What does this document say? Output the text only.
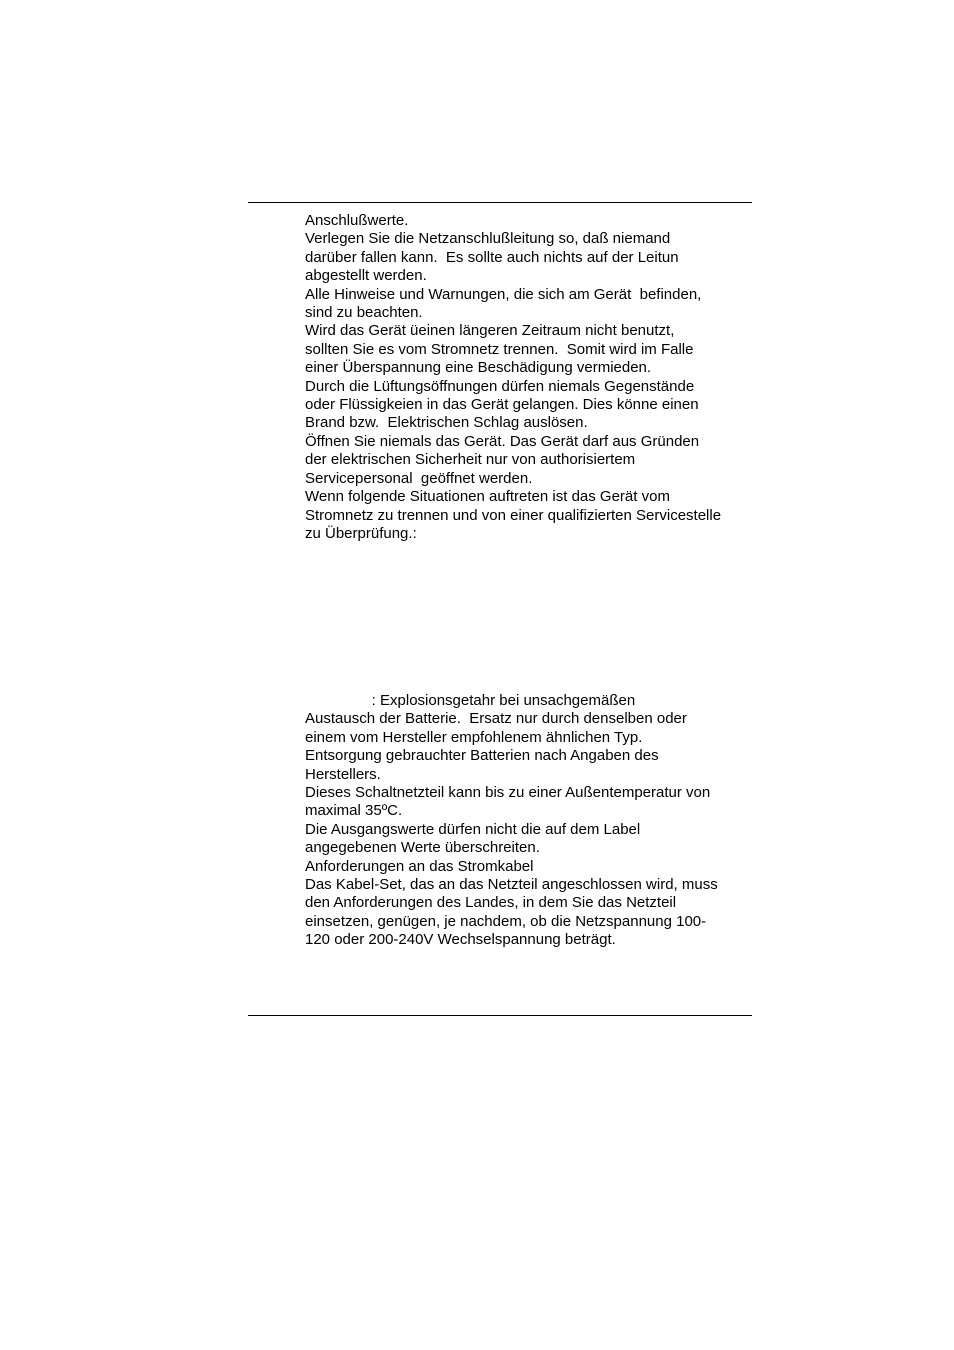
Anschlußwerte.
Verlegen Sie die Netzanschlußleitung so, daß niemand
darüber fallen kann.  Es sollte auch nichts auf der Leitun
abgestellt werden.
Alle Hinweise und Warnungen, die sich am Gerät  befinden,
sind zu beachten.
Wird das Gerät üeinen längeren Zeitraum nicht benutzt,
sollten Sie es vom Stromnetz trennen.  Somit wird im Falle
einer Überspannung eine Beschädigung vermieden.
Durch die Lüftungsöffnungen dürfen niemals Gegenstände
oder Flüssigkeien in das Gerät gelangen. Dies könne einen
Brand bzw.  Elektrischen Schlag auslösen.
Öffnen Sie niemals das Gerät. Das Gerät darf aus Gründen
der elektrischen Sicherheit nur von authorisiertem
Servicepersonal  geöffnet werden.
Wenn folgende Situationen auftreten ist das Gerät vom
Stromnetz zu trennen und von einer qualifizierten Servicestelle
zu Überprüfung.:
: Explosionsgetahr bei unsachgemäßen
Austausch der Batterie.  Ersatz nur durch denselben oder
einem vom Hersteller empfohlenem ähnlichen Typ.
Entsorgung gebrauchter Batterien nach Angaben des
Herstellers.
Dieses Schaltnetzteil kann bis zu einer Außentemperatur von
maximal 35ºC.
Die Ausgangswerte dürfen nicht die auf dem Label
angegebenen Werte überschreiten.
Anforderungen an das Stromkabel
Das Kabel-Set, das an das Netzteil angeschlossen wird, muss
den Anforderungen des Landes, in dem Sie das Netzteil
einsetzen, genügen, je nachdem, ob die Netzspannung 100-
120 oder 200-240V Wechselspannung beträgt.
